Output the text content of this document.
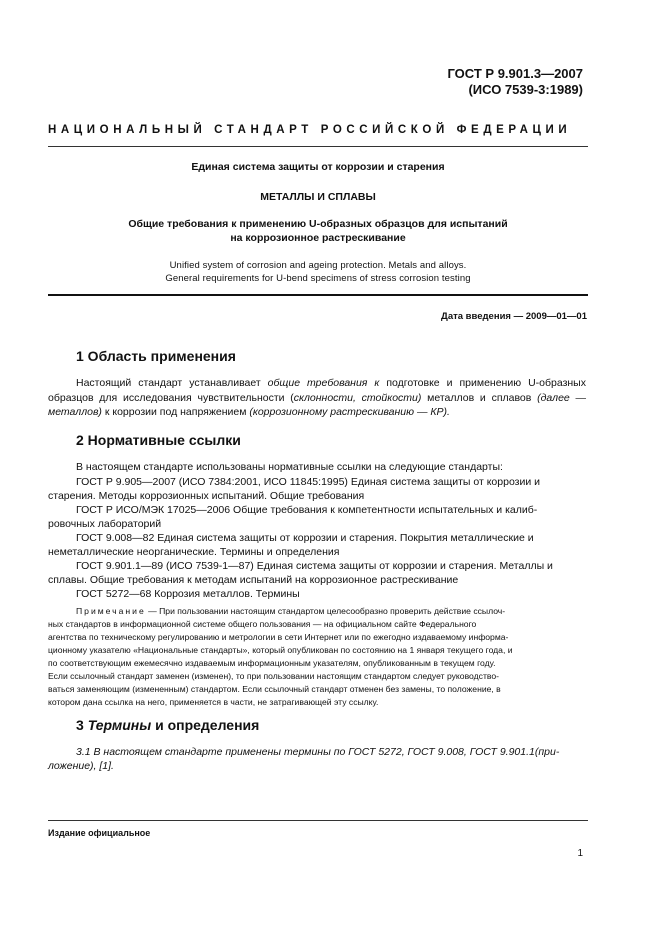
ГОСТ Р 9.901.3—2007
(ИСО 7539-3:1989)
НАЦИОНАЛЬНЫЙ СТАНДАРТ РОССИЙСКОЙ ФЕДЕРАЦИИ
Единая система защиты от коррозии и старения
МЕТАЛЛЫ И СПЛАВЫ
Общие требования к применению U-образных образцов для испытаний
на коррозионное растрескивание
Unified system of corrosion and ageing protection. Metals and alloys.
General requirements for U-bend specimens of stress corrosion testing
Дата введения — 2009—01—01
1 Область применения
Настоящий стандарт устанавливает общие требования к подготовке и применению U-образных образцов для исследования чувствительности (склонности, стойкости) металлов и сплавов (далее — металлов) к коррозии под напряжением (коррозионному растрескиванию — КР).
2 Нормативные ссылки
В настоящем стандарте использованы нормативные ссылки на следующие стандарты:
ГОСТ Р 9.905—2007 (ИСО 7384:2001, ИСО 11845:1995) Единая система защиты от коррозии и
старения. Методы коррозионных испытаний. Общие требования
ГОСТ Р ИСО/МЭК 17025—2006 Общие требования к компетентности испытательных и калиб-
ровочных лабораторий
ГОСТ 9.008—82 Единая система защиты от коррозии и старения. Покрытия металлические и
неметаллические неорганические. Термины и определения
ГОСТ 9.901.1—89 (ИСО 7539-1—87) Единая система защиты от коррозии и старения. Металлы и
сплавы. Общие требования к методам испытаний на коррозионное растрескивание
ГОСТ 5272—68 Коррозия металлов. Термины
Примечание — При пользовании настоящим стандартом целесообразно проверить действие ссылоч-
ных стандартов в информационной системе общего пользования — на официальном сайте Федерального
агентства по техническому регулированию и метрологии в сети Интернет или по ежегодно издаваемому информа-
ционному указателю «Национальные стандарты», который опубликован по состоянию на 1 января текущего года, и
по соответствующим ежемесячно издаваемым информационным указателям, опубликованным в текущем году.
Если ссылочный стандарт заменен (изменен), то при пользовании настоящим стандартом следует руководство-
ваться заменяющим (измененным) стандартом. Если ссылочный стандарт отменен без замены, то положение, в
котором дана ссылка на него, применяется в части, не затрагивающей эту ссылку.
3 Термины и определения
3.1 В настоящем стандарте применены термины по ГОСТ 5272, ГОСТ 9.008, ГОСТ 9.901.1(при-
ложение), [1].
Издание официальное
1
